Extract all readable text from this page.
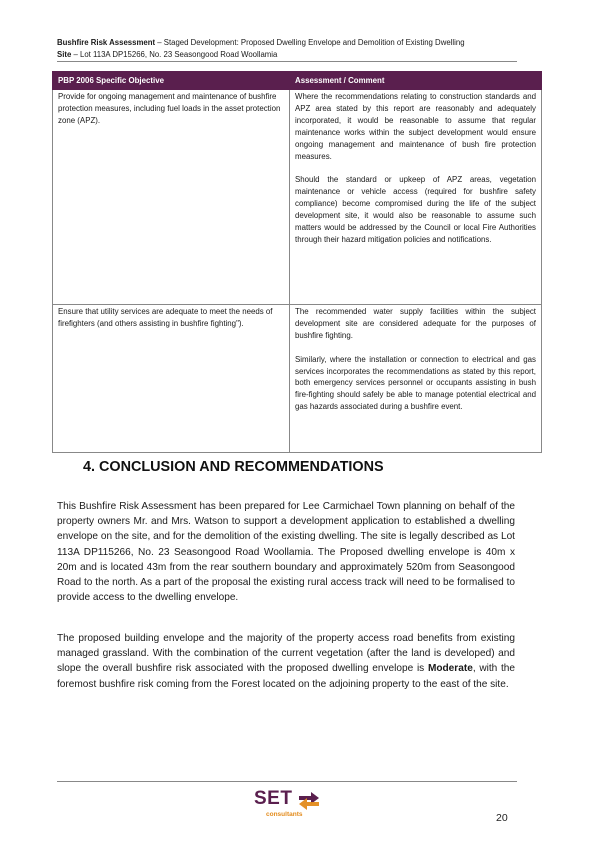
Bushfire Risk Assessment – Staged Development: Proposed Dwelling Envelope and Demolition of Existing Dwelling
Site – Lot 113A DP15266, No. 23 Seasongood Road Woollamia
PBP 2006 Specific Objective	Assessment / Comment
Provide for ongoing management and maintenance of bushfire protection measures, including fuel loads in the asset protection zone (APZ).	Where the recommendations relating to construction standards and APZ area stated by this report are reasonably and adequately incorporated, it would be reasonable to assume that regular maintenance works within the subject development would ensure ongoing management and maintenance of bush fire protection measures.

Should the standard or upkeep of APZ areas, vegetation maintenance or vehicle access (required for bushfire safety compliance) become compromised during the life of the subject development site, it would also be reasonable to assume such matters would be addressed by the Council or local Fire Authorities through their hazard mitigation policies and notifications.

Ensure that utility services are adequate to meet the needs of firefighters (and others assisting in bushfire fighting").	The recommended water supply facilities within the subject development site are considered adequate for the purposes of bushfire fighting.

Similarly, where the installation or connection to electrical and gas services incorporates the recommendations as stated by this report, both emergency services personnel or occupants assisting in bush fire-fighting should safely be able to manage potential electrical and gas hazards associated during a bushfire event.

4. CONCLUSION AND RECOMMENDATIONS
This Bushfire Risk Assessment has been prepared for Lee Carmichael Town planning on behalf of the property owners Mr. and Mrs. Watson to support a development application to established a dwelling envelope on the site, and for the demolition of the existing dwelling. The site is legally described as Lot 113A DP115266, No. 23 Seasongood Road Woollamia. The Proposed dwelling envelope is 40m x 20m and is located 43m from the rear southern boundary and approximately 520m from Seasongood Road to the north. As a part of the proposal the existing rural access track will need to be formalised to provide access to the dwelling envelope.
The proposed building envelope and the majority of the property access road benefits from existing managed grassland. With the combination of the current vegetation (after the land is developed) and slope the overall bushfire risk associated with the proposed dwelling envelope is Moderate, with the foremost bushfire risk coming from the Forest located on the adjoining property to the east of the site.
SET
consultants	20
